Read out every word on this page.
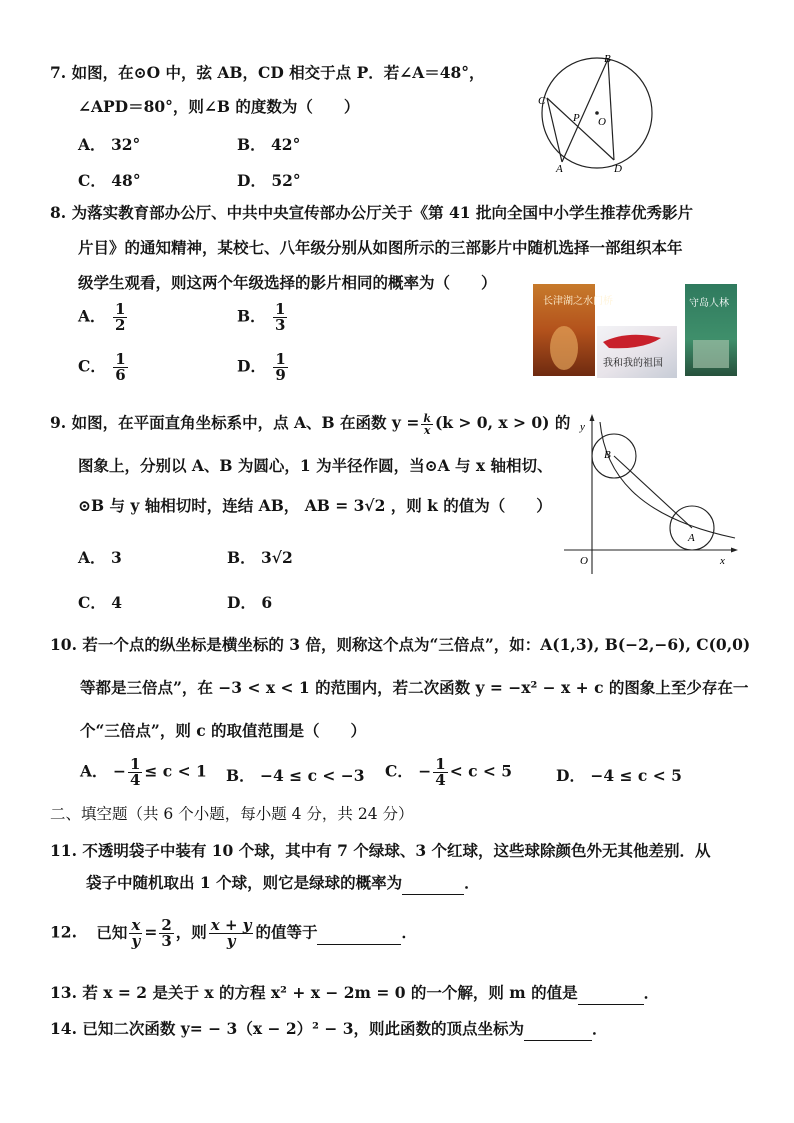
7. 如图，在⊙O 中，弦 AB，CD 相交于点 P．若∠A＝48°，
∠APD＝80°，则∠B 的度数为（　　）
A． 32°	B． 42°
C． 48°	D． 52°
B
C
P O
A	D
8. 为落实教育部办公厅、中共中央宣传部办公厅关于《第 41 批向全国中小学生推荐优秀影片
片目》的通知精神，某校七、八年级分别从如图所示的三部影片中随机选择一部组织本年
级学生观看，则这两个年级选择的影片相同的概率为（　　）
A． $\frac{1}{2}$	B． $\frac{1}{3}$
C． $\frac{1}{6}$	D． $\frac{1}{9}$
长津湖之水门桥
我和我的祖国
守岛人林
9. 如图，在平面直角坐标系中，点 A、B 在函数 $y = \frac{k}{x} (k > 0$, x > 0) 的
图象上，分别以 A、B 为圆心，1 为半径作圆，当⊙A 与 x 轴相切、
⊙B 与 y 轴相切时，连结 AB， AB = 3√2 ，则 k 的值为（　　）
A． 3	B． 3√2
C． 4	D． 6
y
x
O
B
A
10. 若一个点的纵坐标是横坐标的 3 倍，则称这个点为“三倍点”，如：A(1,3), B(−2,−6), C(0,0)
等都是三倍点”，在 −3 < x < 1 的范围内，若二次函数 y = −x² − x + c 的图象上至少存在一
个“三倍点”，则 c 的取值范围是（　　）
A． − $\frac{1}{4} \le c < 1$ B． −4 ≤ c < −3 C． − $\frac{1}{4} < c < 5$	D． −4 ≤ c < 5
二、填空题（共 6 个小题，每小题 4 分，共 24 分）
11. 不透明袋子中装有 10 个球，其中有 7 个绿球、3 个红球，这些球除颜色外无其他差别．从
袋子中随机取出 1 个球，则它是绿球的概率为	．
12. 已知 $\frac{x}{y} = \frac{2}{3}$ ，则 $\frac{x + y}{y}$ 的值等于	．
13. 若 x = 2 是关于 x 的方程 x² + x − 2m = 0 的一个解，则 m 的值是	．
14. 已知二次函数 y= − 3（x − 2）² − 3，则此函数的顶点坐标为	．
